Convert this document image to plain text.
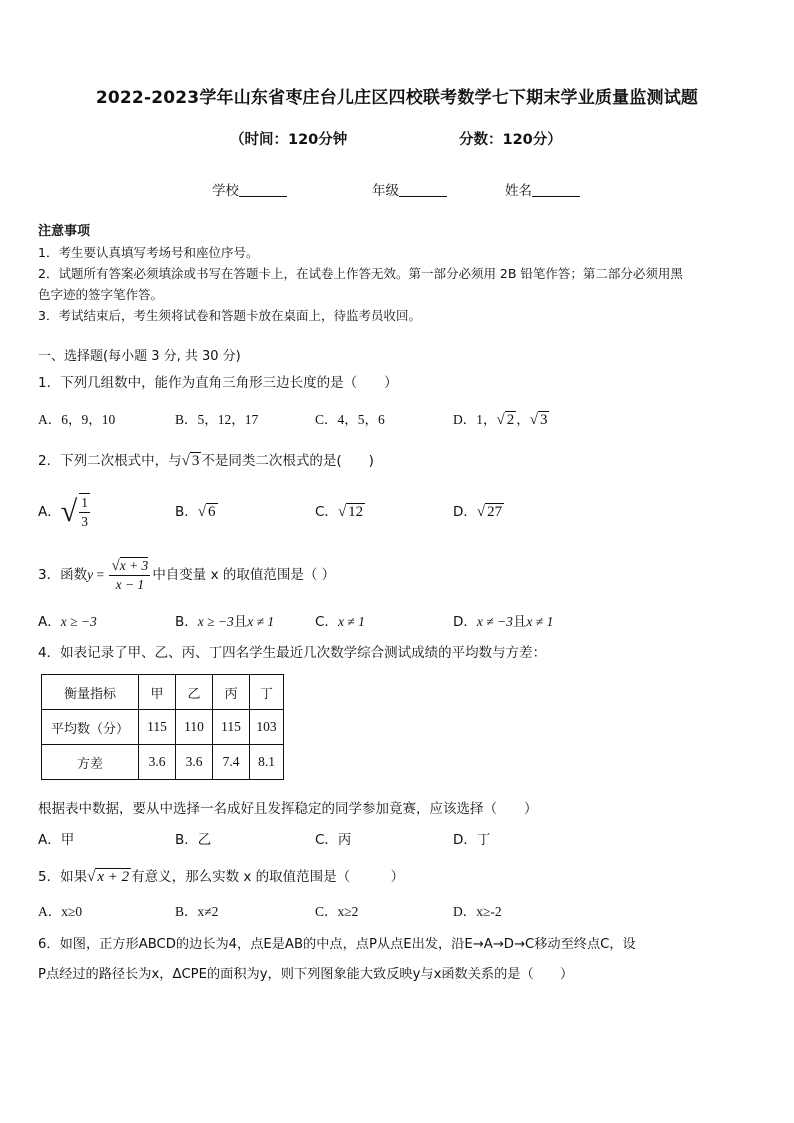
2022-2023学年山东省枣庄台儿庄区四校联考数学七下期末学业质量监测试题
（时间：120分钟	分数：120分）
学校	年级	姓名
注意事项
1．考生要认真填写考场号和座位序号。
2．试题所有答案必须填涂或书写在答题卡上，在试卷上作答无效。第一部分必须用 2B 铅笔作答；第二部分必须用黑
色字迹的签字笔作答。
3．考试结束后，考生须将试卷和答题卡放在桌面上，待监考员收回。
一、选择题(每小题 3 分, 共 30 分)
1．下列几组数中，能作为直角三角形三边长度的是（　　）
A．6，9，10	B．5，12，17	C．4，5，6	D．1，√ 2 ，√ 3
2．下列二次根式中，与√ 3 不是同类二次根式的是(　　)
A．√ $\frac{1}{3}$	B．√ 6	C．√ 12	D．√ 27
3．函数$y = \frac{√x + 3}{x - 1}$ 中自变量 x 的取值范围是（ ）
A．x ≥ −3	B．x ≥ −3且x ≠ 1	C．x ≠ 1	D．x ≠ −3且x ≠ 1
4．如表记录了甲、乙、丙、丁四名学生最近几次数学综合测试成绩的平均数与方差：
衡量指标	甲	乙	丙	丁
平均数（分）	115	110	115	103
方差	3.6	3.6	7.4	8.1
根据表中数据，要从中选择一名成好且发挥稳定的同学参加竟赛，应该选择（　　）
A．甲	B．乙	C．丙	D．丁
5．如果√ x + 2 有意义，那么实数 x 的取值范围是（　　　）
A．x≥0	B．x≠2	C．x≥2	D．x≥-2
6．如图，正方形ABCD的边长为4，点E是AB的中点，点P从点E出发，沿E→A→D→C移动至终点C，设
P点经过的路径长为x，ΔCPE的面积为y，则下列图象能大致反映y与x函数关系的是（　　）
